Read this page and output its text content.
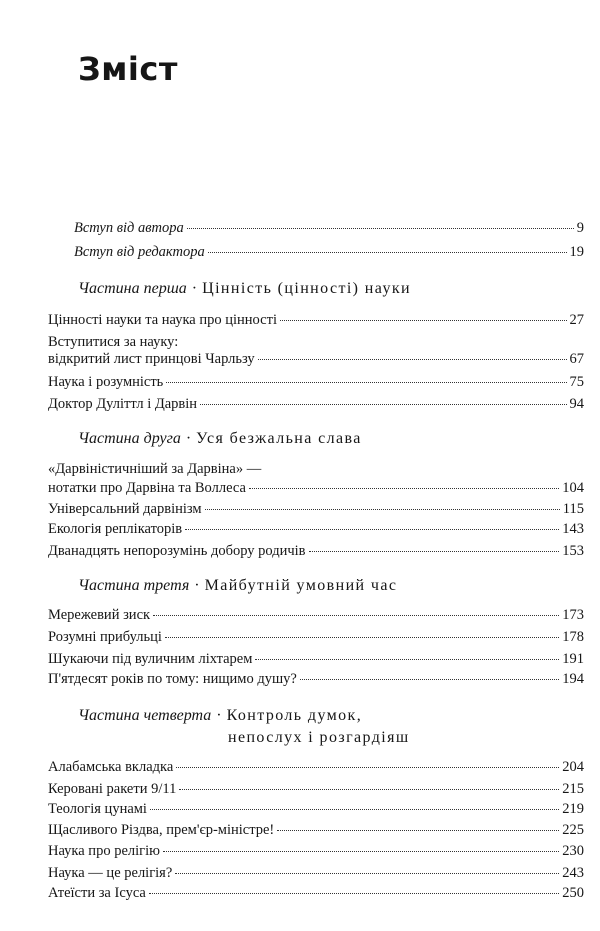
Зміст
Вступ від автора	9
Вступ від редактора	19
Частина перша · Цінність (цінності) науки
Цінності науки та наука про цінності	27
Вступитися за науку:
відкритий лист принцові Чарльзу	67
Наука і розумність	75
Доктор Дуліттл і Дарвін	94
Частина друга · Уся безжальна слава
«Дарвіністичніший за Дарвіна» —
нотатки про Дарвіна та Воллеса	104
Універсальний дарвінізм	115
Екологія реплікаторів	143
Дванадцять непорозумінь добору родичів	153
Частина третя · Майбутній умовний час
Мережевий зиск	173
Розумні прибульці	178
Шукаючи під вуличним ліхтарем	191
П'ятдесят років по тому: нищимо душу?	194
Частина четверта · Контроль думок,
непослух і розгардіяш
Алабамська вкладка	204
Керовані ракети 9/11	215
Теологія цунамі	219
Щасливого Різдва, прем'єр-міністре!	225
Наука про релігію	230
Наука — це релігія?	243
Атеїсти за Ісуса	250
